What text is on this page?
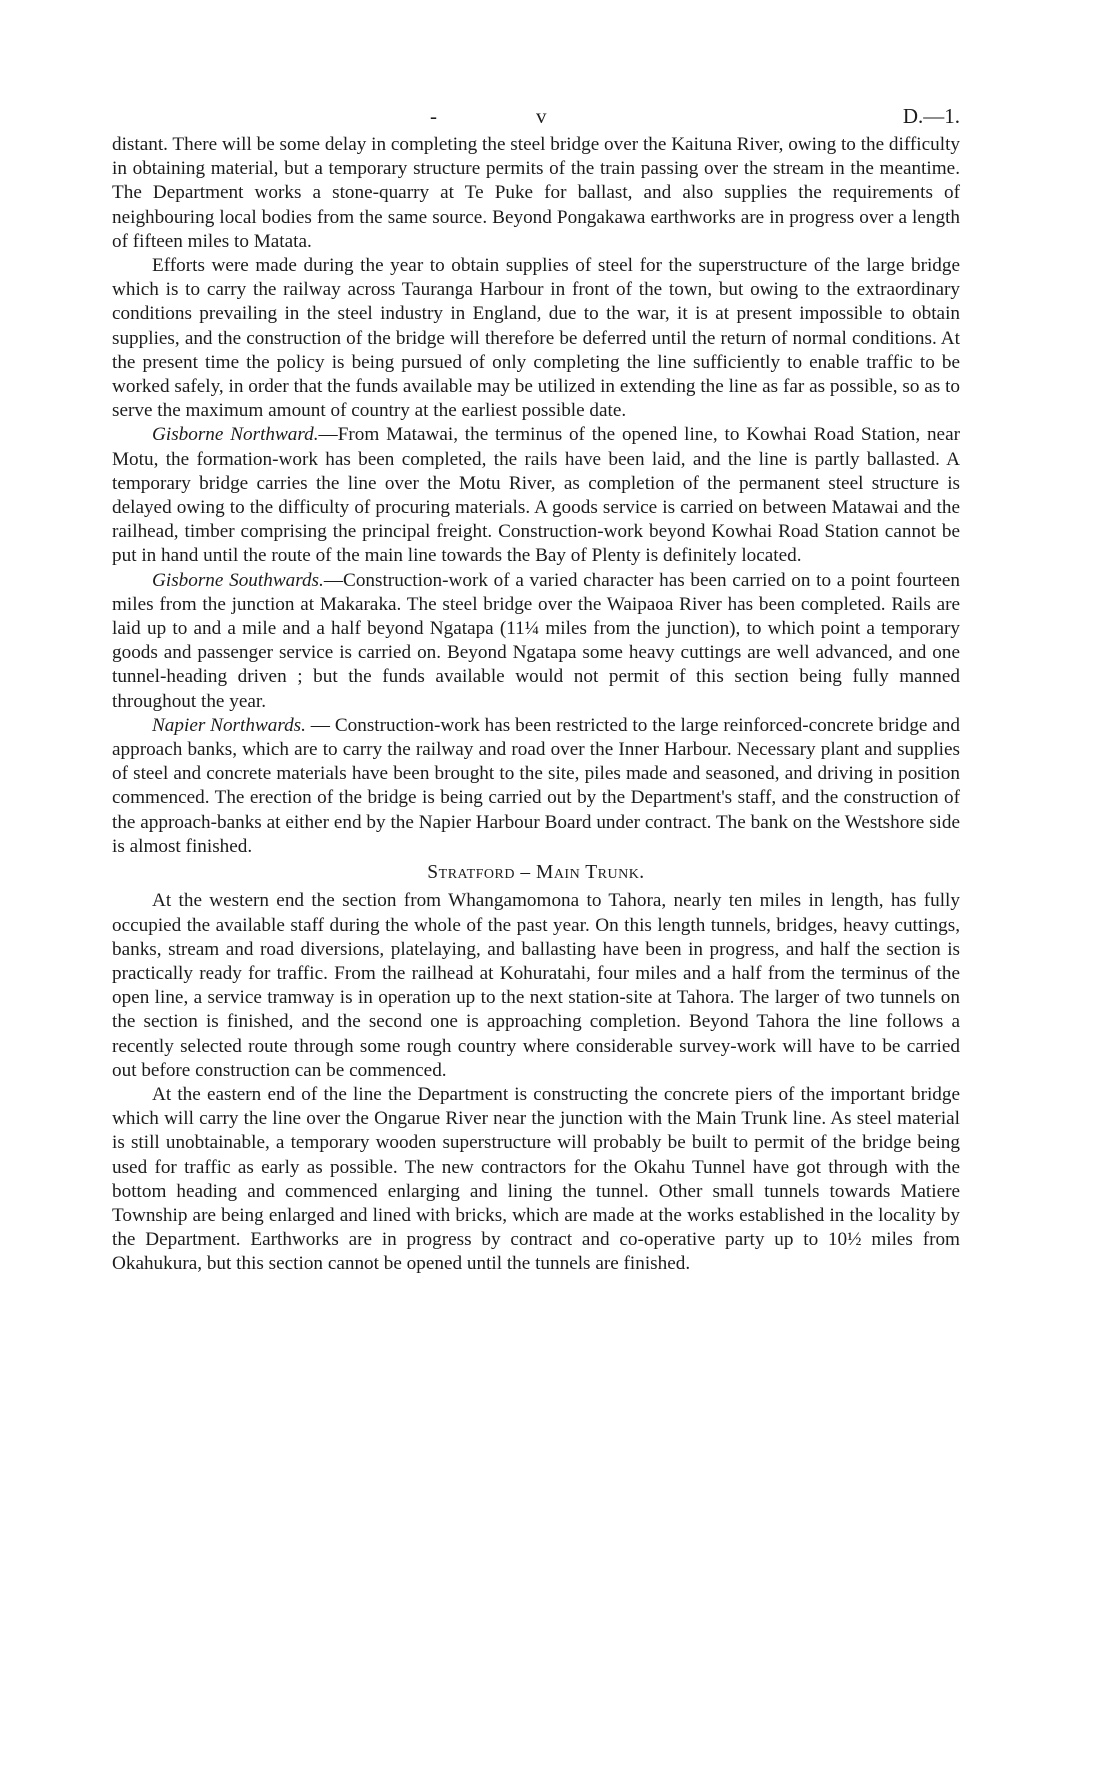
-	v	D.—1.

distant. There will be some delay in completing the steel bridge over the Kaituna River, owing to the difficulty in obtaining material, but a temporary structure permits of the train passing over the stream in the meantime. The Department works a stone-quarry at Te Puke for ballast, and also supplies the requirements of neighbouring local bodies from the same source. Beyond Pongakawa earthworks are in progress over a length of fifteen miles to Matata.

Efforts were made during the year to obtain supplies of steel for the superstructure of the large bridge which is to carry the railway across Tauranga Harbour in front of the town, but owing to the extraordinary conditions prevailing in the steel industry in England, due to the war, it is at present impossible to obtain supplies, and the construction of the bridge will therefore be deferred until the return of normal conditions. At the present time the policy is being pursued of only completing the line sufficiently to enable traffic to be worked safely, in order that the funds available may be utilized in extending the line as far as possible, so as to serve the maximum amount of country at the earliest possible date.

Gisborne Northward.—From Matawai, the terminus of the opened line, to Kowhai Road Station, near Motu, the formation-work has been completed, the rails have been laid, and the line is partly ballasted. A temporary bridge carries the line over the Motu River, as completion of the permanent steel structure is delayed owing to the difficulty of procuring materials. A goods service is carried on between Matawai and the railhead, timber comprising the principal freight. Construction-work beyond Kowhai Road Station cannot be put in hand until the route of the main line towards the Bay of Plenty is definitely located.

Gisborne Southwards.—Construction-work of a varied character has been carried on to a point fourteen miles from the junction at Makaraka. The steel bridge over the Waipaoa River has been completed. Rails are laid up to and a mile and a half beyond Ngatapa (11¼ miles from the junction), to which point a temporary goods and passenger service is carried on. Beyond Ngatapa some heavy cuttings are well advanced, and one tunnel-heading driven ; but the funds available would not permit of this section being fully manned throughout the year.

Napier Northwards. — Construction-work has been restricted to the large reinforced-concrete bridge and approach banks, which are to carry the railway and road over the Inner Harbour. Necessary plant and supplies of steel and concrete materials have been brought to the site, piles made and seasoned, and driving in position commenced. The erection of the bridge is being carried out by the Department's staff, and the construction of the approach-banks at either end by the Napier Harbour Board under contract. The bank on the Westshore side is almost finished.

Stratford – Main Trunk.

At the western end the section from Whangamomona to Tahora, nearly ten miles in length, has fully occupied the available staff during the whole of the past year. On this length tunnels, bridges, heavy cuttings, banks, stream and road diversions, platelaying, and ballasting have been in progress, and half the section is practically ready for traffic. From the railhead at Kohuratahi, four miles and a half from the terminus of the open line, a service tramway is in operation up to the next station-site at Tahora. The larger of two tunnels on the section is finished, and the second one is approaching completion. Beyond Tahora the line follows a recently selected route through some rough country where considerable survey-work will have to be carried out before construction can be commenced.

At the eastern end of the line the Department is constructing the concrete piers of the important bridge which will carry the line over the Ongarue River near the junction with the Main Trunk line. As steel material is still unobtainable, a temporary wooden superstructure will probably be built to permit of the bridge being used for traffic as early as possible. The new contractors for the Okahu Tunnel have got through with the bottom heading and commenced enlarging and lining the tunnel. Other small tunnels towards Matiere Township are being enlarged and lined with bricks, which are made at the works established in the locality by the Department. Earthworks are in progress by contract and co-operative party up to 10½ miles from Okahukura, but this section cannot be opened until the tunnels are finished.
